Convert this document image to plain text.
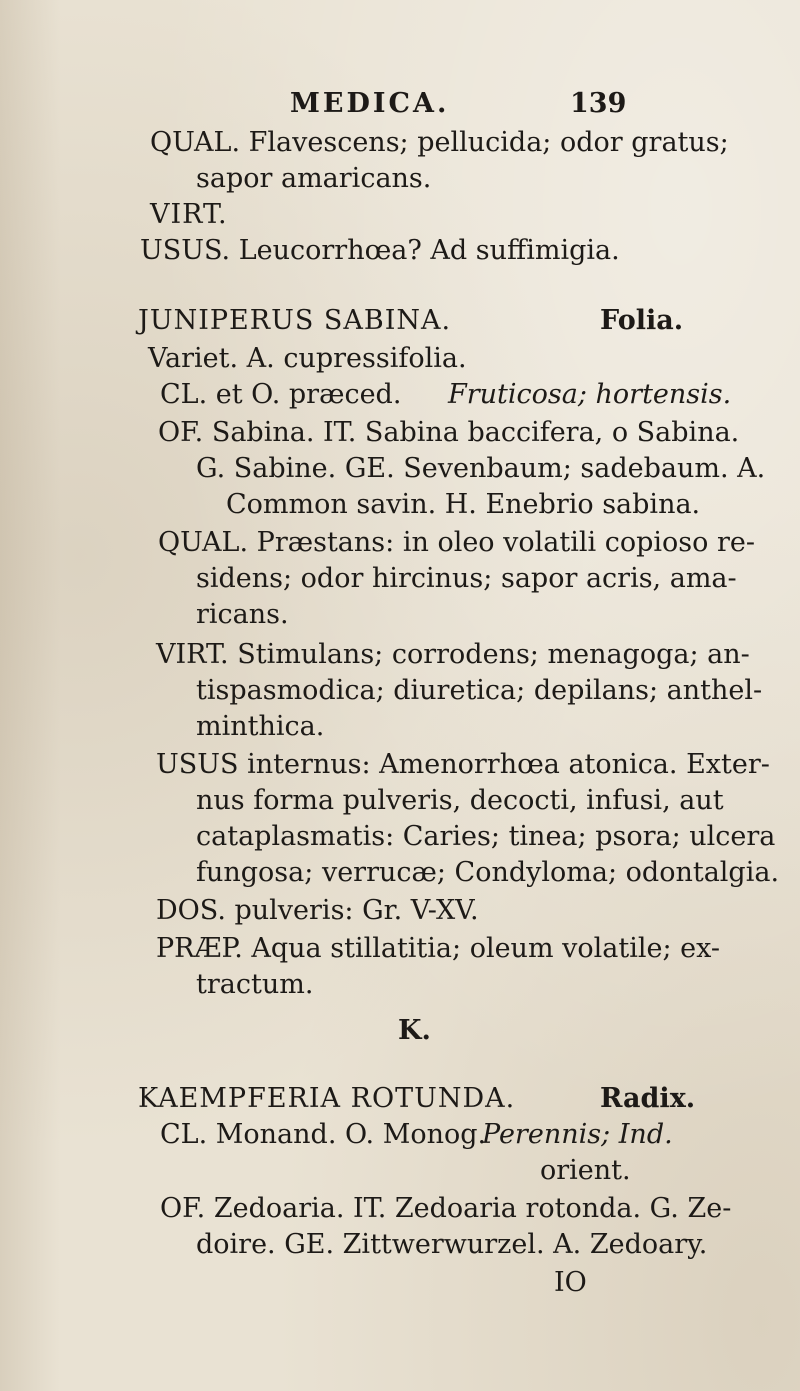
MEDICA.	139
QUAL. Flavescens; pellucida; odor gratus;
sapor amaricans.
VIRT.
USUS. Leucorrhœa? Ad suffimigia.
JUNIPERUS SABINA.	Folia.
Variet. A. cupressifolia.
CL. et O. præced. Fruticosa; hortensis.
OF. Sabina. IT. Sabina baccifera, o Sabina.
G. Sabine. GE. Sevenbaum; sadebaum. A.
Common savin. H. Enebrio sabina.
QUAL. Præstans: in oleo volatili copioso re-
sidens; odor hircinus; sapor acris, ama-
ricans.
VIRT. Stimulans; corrodens; menagoga; an-
tispasmodica; diuretica; depilans; anthel-
minthica.
USUS internus: Amenorrhœa atonica. Exter-
nus forma pulveris, decocti, infusi, aut
cataplasmatis: Caries; tinea; psora; ulcera
fungosa; verrucæ; Condyloma; odontalgia.
DOS. pulveris: Gr. V-XV.
PRÆP. Aqua stillatitia; oleum volatile; ex-
tractum.
K.
KAEMPFERIA ROTUNDA.	Radix.
CL. Monand. O. Monog.
Perennis; Ind.
orient.
OF. Zedoaria. IT. Zedoaria rotonda. G. Ze-
doire. GE. Zittwerwurzel. A. Zedoary.
IO
